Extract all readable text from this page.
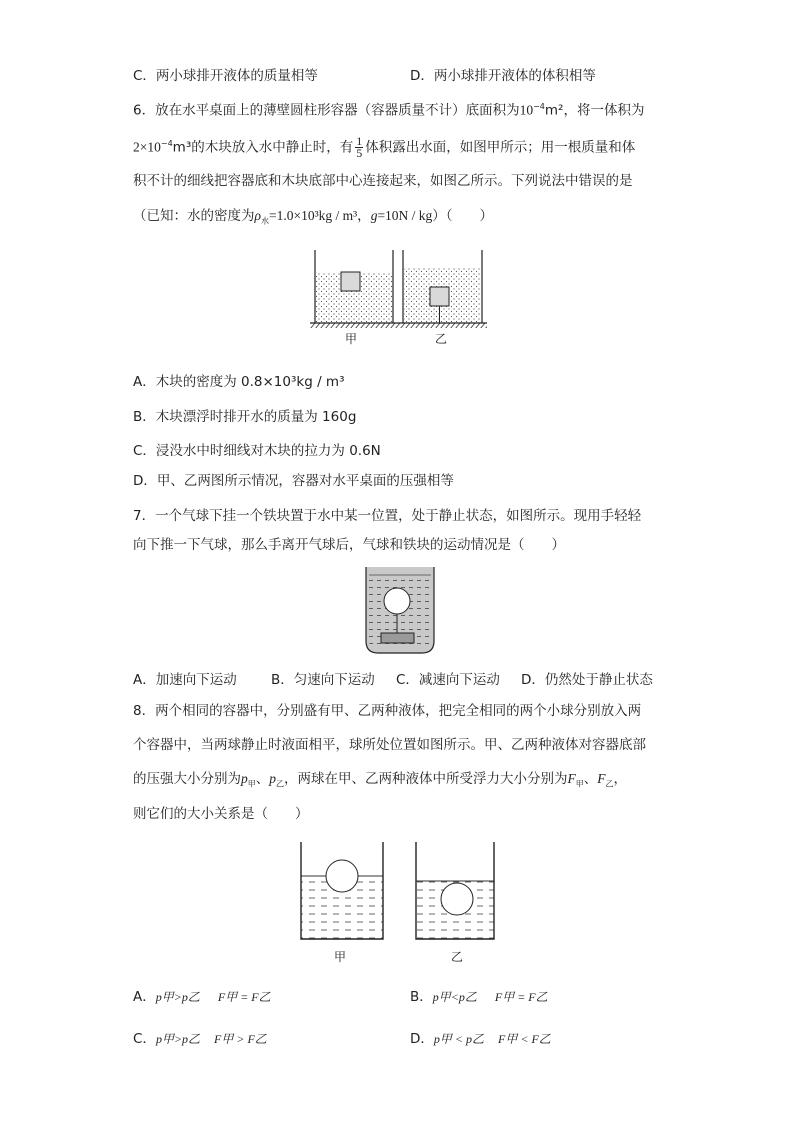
C．两小球排开液体的质量相等	D．两小球排开液体的体积相等
6．放在水平桌面上的薄壁圆柱形容器（容器质量不计）底面积为$10^{-4}m^2$，将一体积为
$2\times 10^{-4}m^3$的木块放入水中静止时，有 $\frac{1}{5}$ 体积露出水面，如图甲所示；用一根质量和体
积不计的细线把容器底和木块底部中心连接起来，如图乙所示。下列说法中错误的是
（已知：水的密度为$\rho_水=1.0\times 10^3kg / m^3$，g=10N / kg）（　　）
甲	乙
A．木块的密度为 0.8×10³kg / m³
B．木块漂浮时排开水的质量为 160g
C．浸没水中时细线对木块的拉力为 0.6N
D．甲、乙两图所示情况，容器对水平桌面的压强相等
7．一个气球下挂一个铁块置于水中某一位置，处于静止状态，如图所示。现用手轻轻
向下推一下气球，那么手离开气球后，气球和铁块的运动情况是（　　）
A．加速向下运动	B．匀速向下运动 C．减速向下运动 D．仍然处于静止状态
8．两个相同的容器中，分别盛有甲、乙两种液体，把完全相同的两个小球分别放入两
个容器中，当两球静止时液面相平，球所处位置如图所示。甲、乙两种液体对容器底部
的压强大小分别为$p_甲$、$p_乙$，两球在甲、乙两种液体中所受浮力大小分别为$F_甲$、$F_乙$，
则它们的大小关系是（　　）
甲	乙
A．p甲>p乙 F甲 = F乙	B．p甲<p乙 F甲 = F乙
C．p甲>p乙 F甲 > F乙	D．p甲 < p乙 F甲 < F乙
